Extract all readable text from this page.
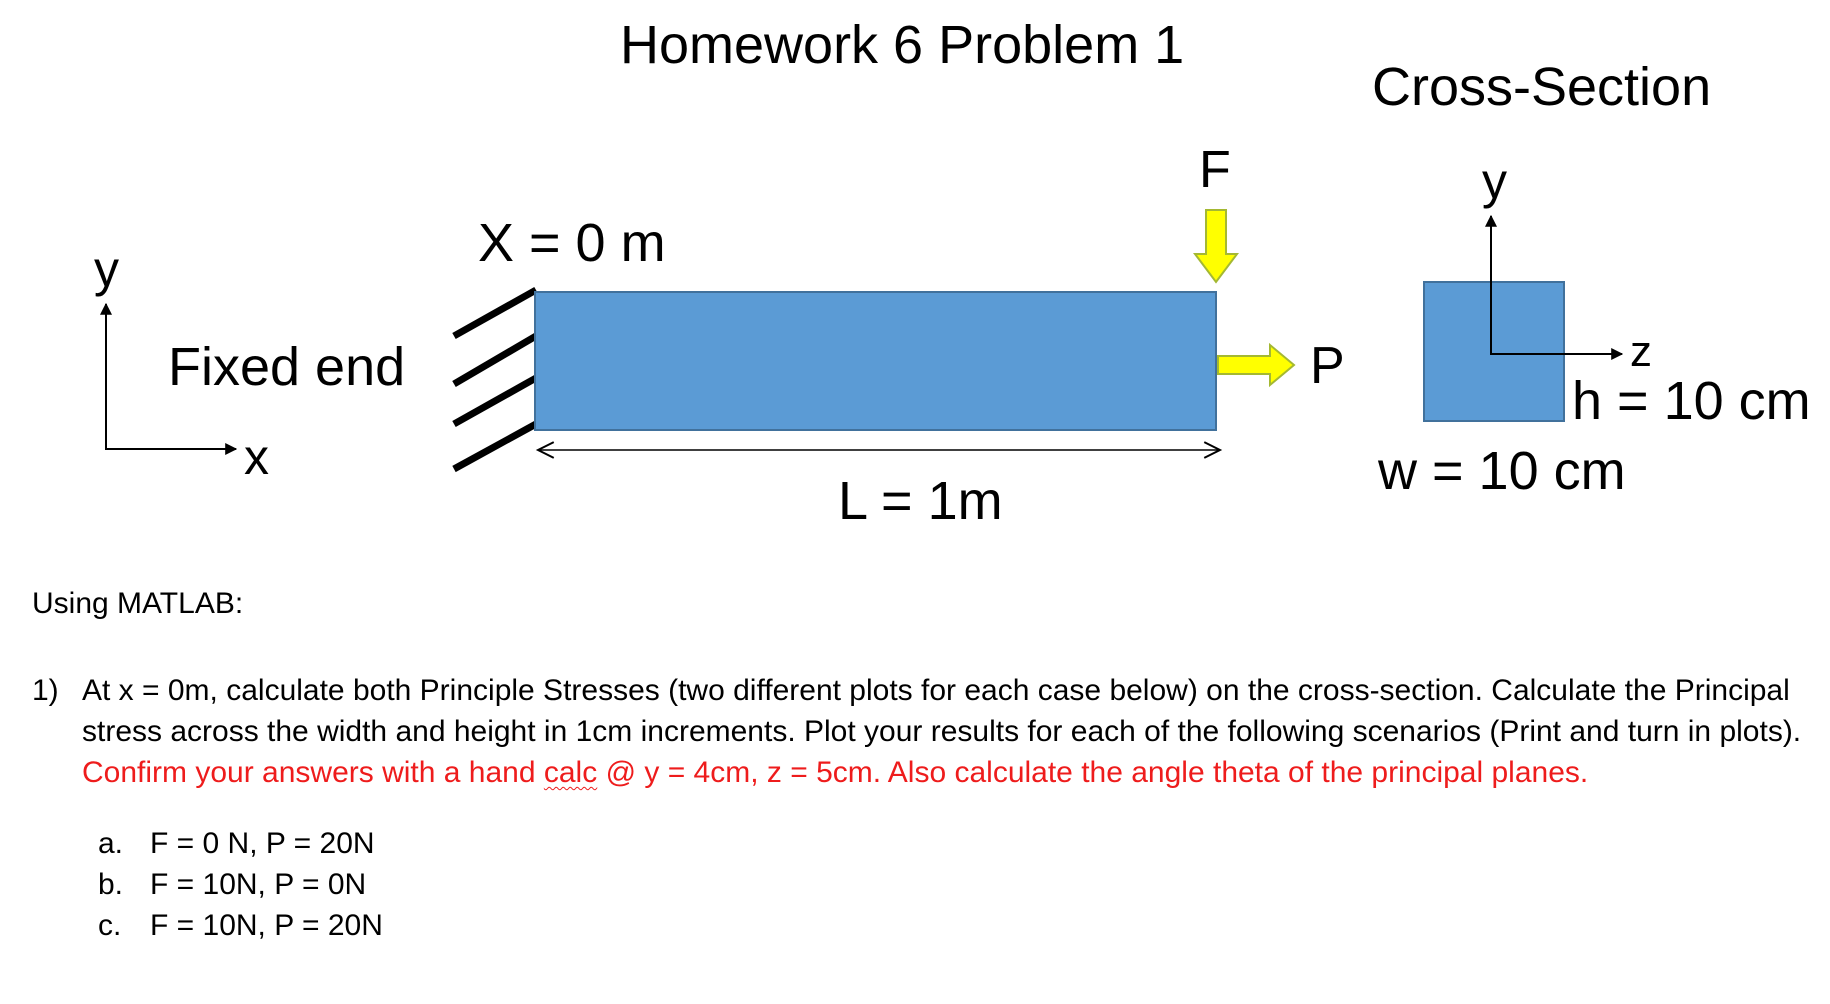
Homework 6 Problem 1
Cross-Section
y
x
Fixed end
X = 0 m
F
P
L = 1m
y
z
h = 10 cm
w = 10 cm

Using MATLAB:

1) At x = 0m, calculate both Principle Stresses (two different plots for each case below) on the cross-section. Calculate the Principal stress across the width and height in 1cm increments. Plot your results for each of the following scenarios (Print and turn in plots). Confirm your answers with a hand calc @ y = 4cm, z = 5cm. Also calculate the angle theta of the principal planes.
a. F = 0 N, P = 20N
b. F = 10N, P = 0N
c. F = 10N, P = 20N
